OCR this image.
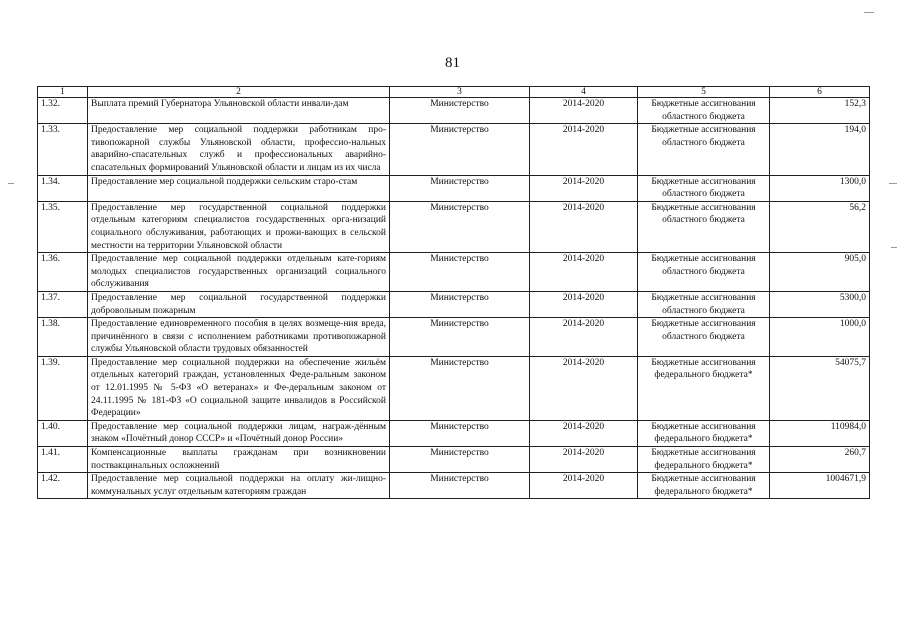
81
1	2	3	4	5	6
1.32.	Выплата премий Губернатора Ульяновской области инвали-дам	Министерство	2014-2020	Бюджетные ассигнования областного бюджета	152,3
1.33.	Предоставление мер социальной поддержки работникам про-тивопожарной службы Ульяновской области, профессио-нальных аварийно-спасательных служб и профессиональных аварийно-спасательных формирований Ульяновской области и лицам из их числа	Министерство	2014-2020	Бюджетные ассигнования областного бюджета	194,0
1.34.	Предоставление мер социальной поддержки сельским старо-стам	Министерство	2014-2020	Бюджетные ассигнования областного бюджета	1300,0
1.35.	Предоставление мер государственной социальной поддержки отдельным категориям специалистов государственных орга-низаций социального обслуживания, работающих и прожи-вающих в сельской местности на территории Ульяновской области	Министерство	2014-2020	Бюджетные ассигнования областного бюджета	56,2
1.36.	Предоставление мер социальной поддержки отдельным кате-гориям молодых специалистов государственных организаций социального обслуживания	Министерство	2014-2020	Бюджетные ассигнования областного бюджета	905,0
1.37.	Предоставление мер социальной государственной поддержки добровольным пожарным	Министерство	2014-2020	Бюджетные ассигнования областного бюджета	5300,0
1.38.	Предоставление единовременного пособия в целях возмеще-ния вреда, причинённого в связи с исполнением работниками противопожарной службы Ульяновской области трудовых обязанностей	Министерство	2014-2020	Бюджетные ассигнования областного бюджета	1000,0
1.39.	Предоставление мер социальной поддержки на обеспечение жильём отдельных категорий граждан, установленных Феде-ральным законом от 12.01.1995 № 5-ФЗ «О ветеранах» и Фе-деральным законом от 24.11.1995 № 181-ФЗ «О социальной защите инвалидов в Российской Федерации»	Министерство	2014-2020	Бюджетные ассигнования федерального бюджета*	54075,7
1.40.	Предоставление мер социальной поддержки лицам, награж-дённым знаком «Почётный донор СССР» и «Почётный донор России»	Министерство	2014-2020	Бюджетные ассигнования федерального бюджета*	110984,0
1.41.	Компенсационные выплаты гражданам при возникновении поствакцинальных осложнений	Министерство	2014-2020	Бюджетные ассигнования федерального бюджета*	260,7
1.42.	Предоставление мер социальной поддержки на оплату жи-лищно-коммунальных услуг отдельным категориям граждан	Министерство	2014-2020	Бюджетные ассигнования федерального бюджета*	1004671,9
